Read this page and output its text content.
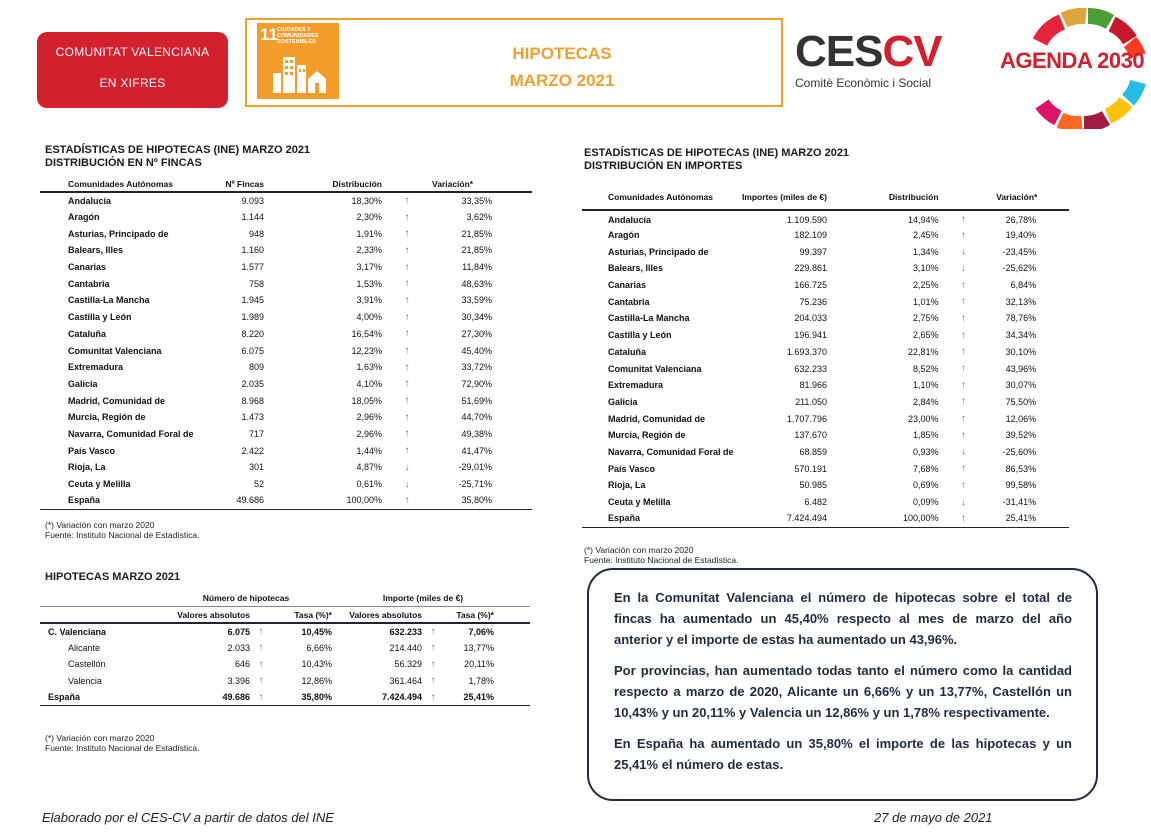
COMUNITAT VALENCIANA
EN XIFRES
11 CIUDADES Y COMUNIDADES SOSTENIBLES
HIPOTECAS
MARZO 2021
CESCV
Comitè Econòmic i Social
AGENDA 2030
ESTADÍSTICAS DE HIPOTECAS (INE) MARZO 2021
DISTRIBUCIÓN EN Nº FINCAS
Comunidades Autónomas	Nº Fincas	Distribución		Variación*	
Andalucía	9.093	18,30%	↑	33,35%	
Aragón	1.144	2,30%	↑	3,62%	
Asturias, Principado de	948	1,91%	↑	21,85%	
Balears, Illes	1.160	2,33%	↑	21,85%	
Canarias	1.577	3,17%	↑	11,84%	
Cantabria	758	1,53%	↑	48,63%	
Castilla-La Mancha	1.945	3,91%	↑	33,59%	
Castilla y León	1.989	4,00%	↑	30,34%	
Cataluña	8.220	16,54%	↑	27,30%	
Comunitat Valenciana	6.075	12,23%	↑	45,40%	
Extremadura	809	1,63%	↑	33,72%	
Galicia	2.035	4,10%	↑	72,90%	
Madrid, Comunidad de	8.968	18,05%	↑	51,69%	
Murcia, Región de	1.473	2,96%	↑	44,70%	
Navarra, Comunidad Foral de	717	2,96%	↑	49,38%	
País Vasco	2.422	1,44%	↑	41,47%	
Rioja, La	301	4,87%	↓	-29,01%	
Ceuta y Melilla	52	0,61%	↓	-25,71%	
España	49.686	100,00%	↑	35,80%	
(*) Variación con marzo 2020
Fuente: Instituto Nacional de Estadística.
ESTADÍSTICAS DE HIPOTECAS (INE) MARZO 2021
DISTRIBUCIÓN EN IMPORTES
Comunidades Autónomas	Importes (miles de €)	Distribución		Variación*	
Andalucía	1.109.590	14,94%	↑	26,78%	
Aragón	182.109	2,45%	↑	19,40%	
Asturias, Principado de	99.397	1,34%	↓	-23,45%	
Balears, Illes	229.861	3,10%	↓	-25,62%	
Canarias	166.725	2,25%	↑	6,84%	
Cantabria	75.236	1,01%	↑	32,13%	
Castilla-La Mancha	204.033	2,75%	↑	78,76%	
Castilla y León	196.941	2,65%	↑	34,34%	
Cataluña	1.693.370	22,81%	↑	30,10%	
Comunitat Valenciana	632.233	8,52%	↑	43,96%	
Extremadura	81.966	1,10%	↑	30,07%	
Galicia	211.050	2,84%	↑	75,50%	
Madrid, Comunidad de	1.707.796	23,00%	↑	12,06%	
Murcia, Región de	137.670	1,85%	↑	39,52%	
Navarra, Comunidad Foral de	68.859	0,93%	↓	-25,60%	
País Vasco	570.191	7,68%	↑	86,53%	
Rioja, La	50.985	0,69%	↑	99,58%	
Ceuta y Melilla	6.482	0,09%	↓	-31,41%	
España	7.424.494	100,00%	↑	25,41%	
(*) Variación con marzo 2020
Fuente: Instituto Nacional de Estadística.
HIPOTECAS MARZO 2021
	Número de hipotecas			Importe (miles de €)			
	Valores absolutos		Tasa (%)*	Valores absolutos		Tasa (%)*	
C. Valenciana	6.075	↑	10,45%	632.233	↑	7,06%	
Alicante	2.033	↑	6,66%	214.440	↑	13,77%	
Castellón	646	↑	10,43%	56.329	↑	20,11%	
Valencia	3.396	↑	12,86%	361.464	↑	1,78%	
España	49.686	↑	35,80%	7.424.494	↑	25,41%	
(*) Variación con marzo 2020
Fuente: Instituto Nacional de Estadística.

En la Comunitat Valenciana el número de hipotecas sobre el total de fincas ha aumentado un 45,40% respecto al mes de marzo del año anterior y el importe de estas ha aumentado un 43,96%.

Por provincias, han aumentado todas tanto el número como la cantidad respecto a marzo de 2020, Alicante un 6,66% y un 13,77%, Castellón un 10,43% y un 20,11% y Valencia un 12,86% y un 1,78% respectivamente.

En España ha aumentado un 35,80% el importe de las hipotecas y un 25,41% el número de estas.

Elaborado por el CES-CV a partir de datos del INE	27 de mayo de 2021
